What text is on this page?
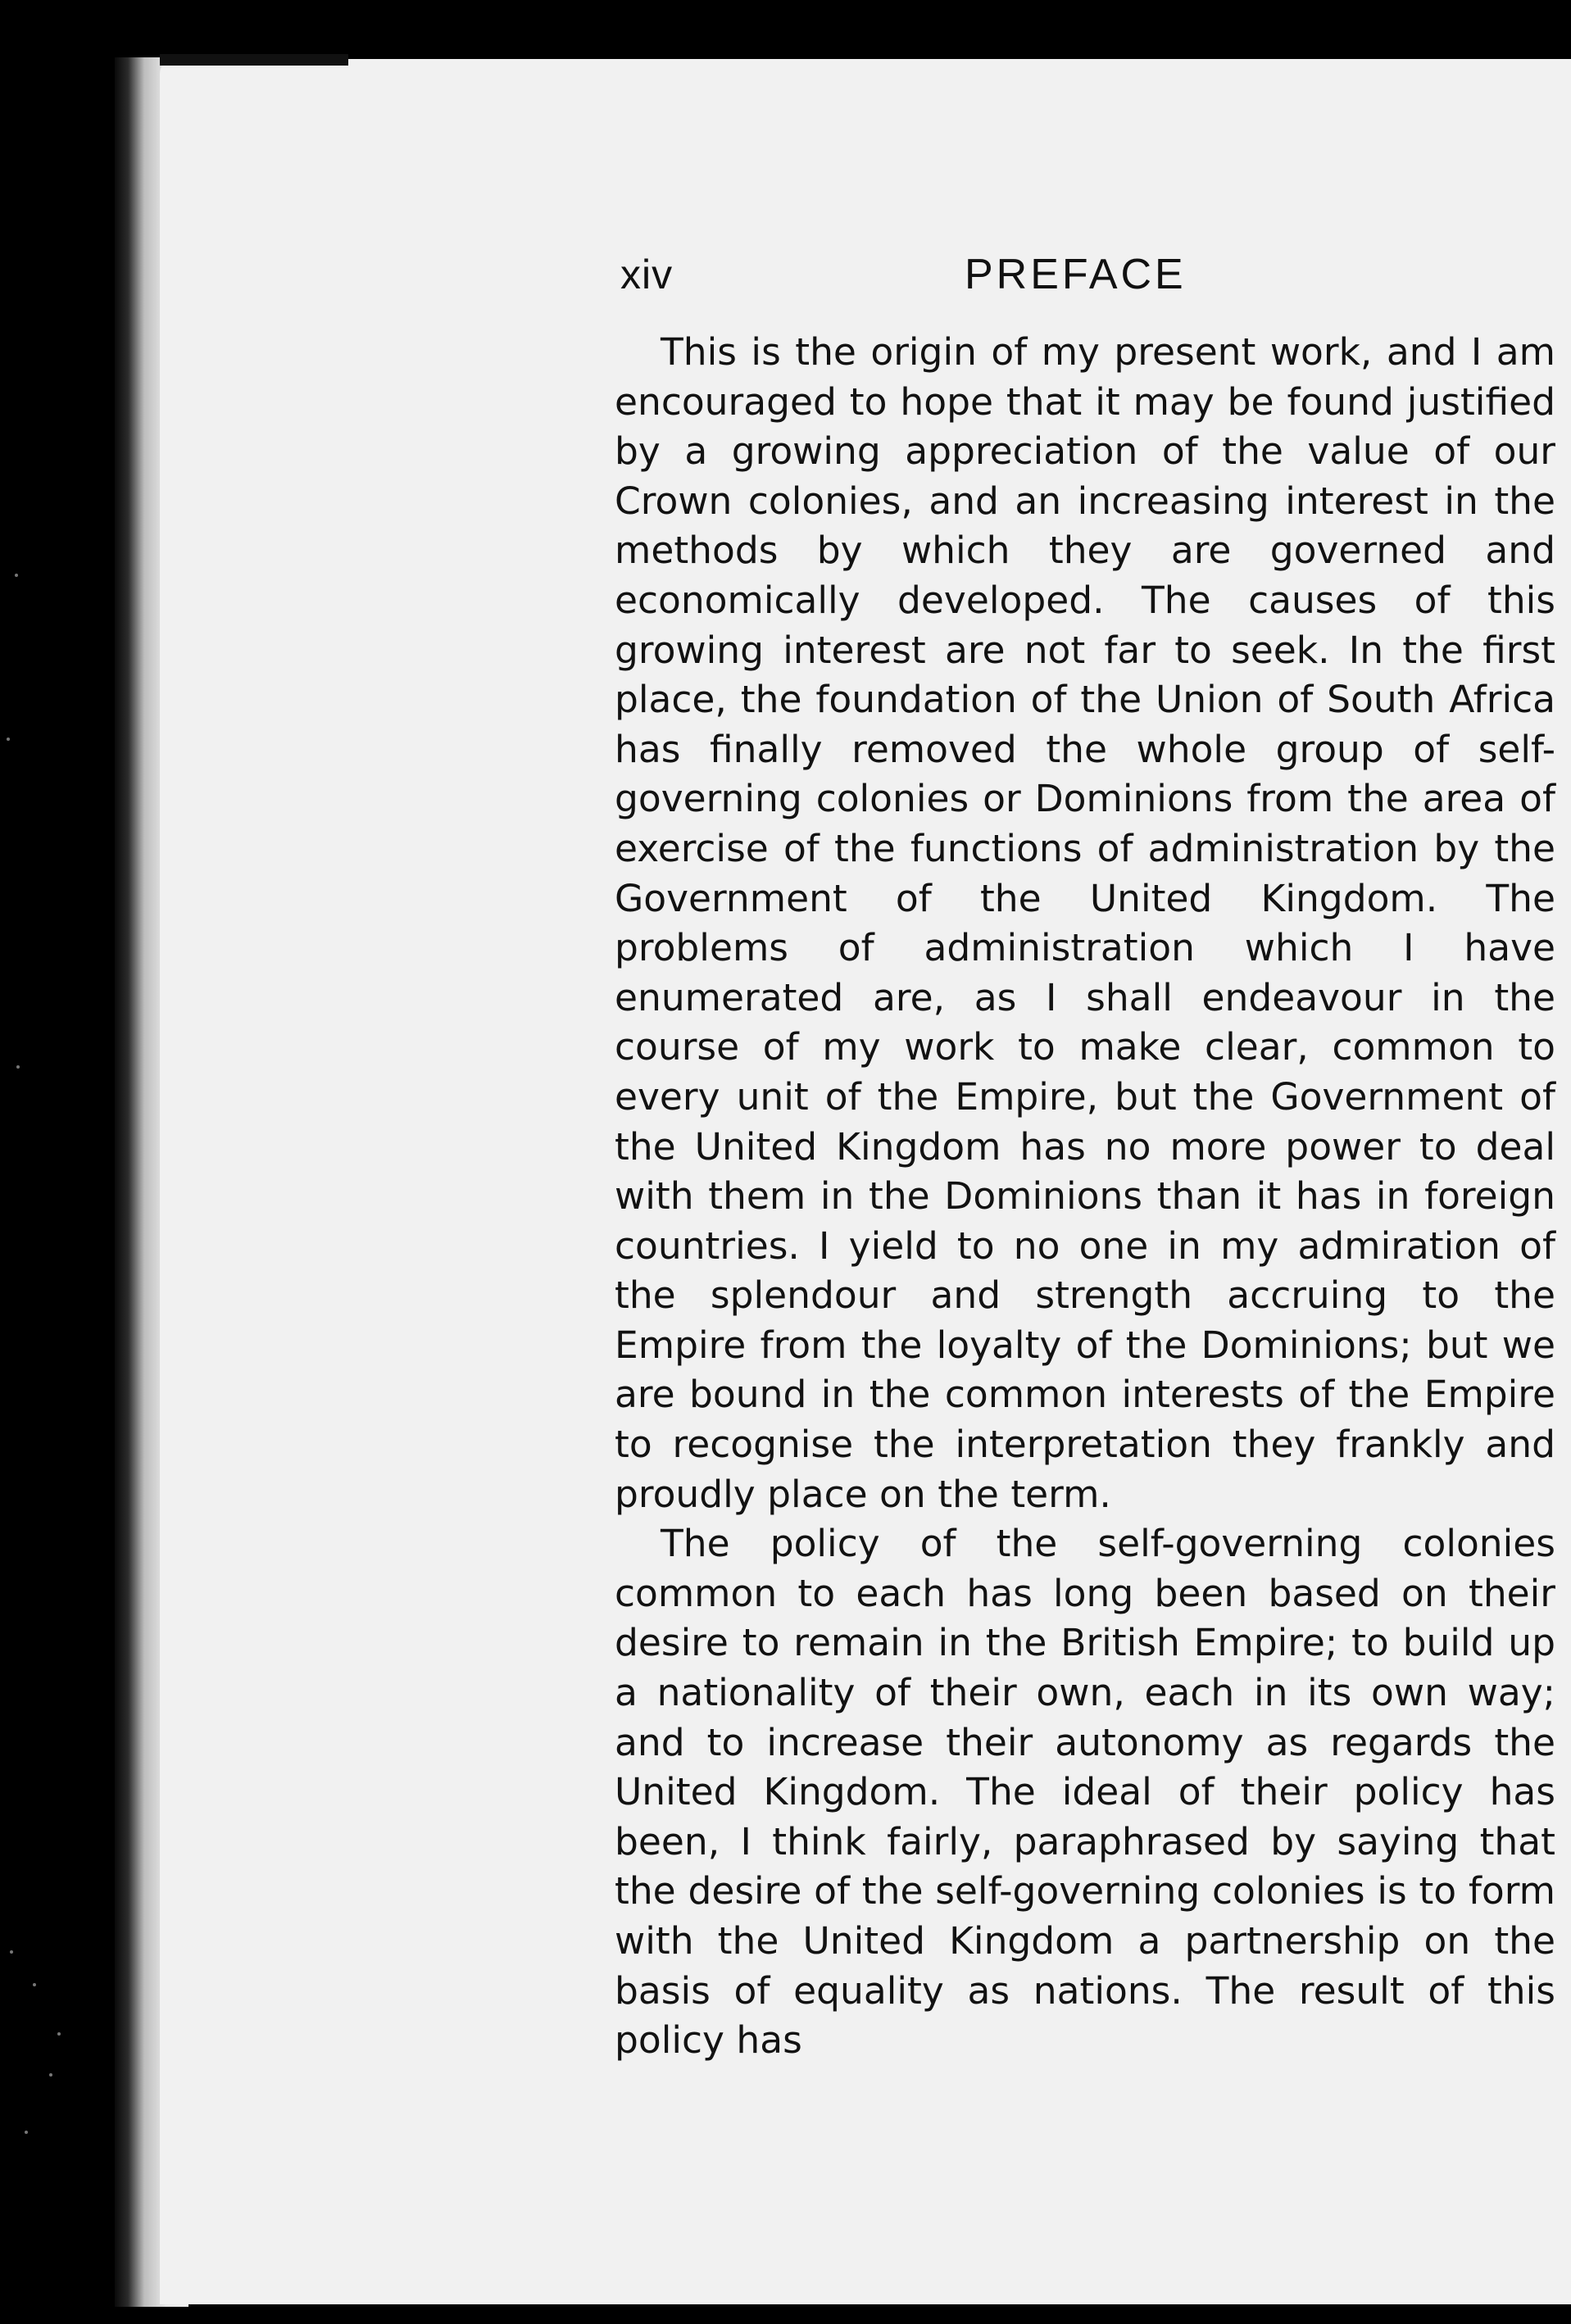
xiv	PREFACE

This is the origin of my present work, and I am encouraged to hope that it may be found justified by a growing appreciation of the value of our Crown colonies, and an increasing interest in the methods by which they are governed and economically developed. The causes of this growing interest are not far to seek. In the first place, the foundation of the Union of South Africa has finally removed the whole group of self-governing colonies or Dominions from the area of exercise of the functions of administration by the Government of the United Kingdom. The problems of administration which I have enumerated are, as I shall endeavour in the course of my work to make clear, common to every unit of the Empire, but the Government of the United Kingdom has no more power to deal with them in the Dominions than it has in foreign countries. I yield to no one in my admiration of the splendour and strength accruing to the Empire from the loyalty of the Dominions; but we are bound in the common interests of the Empire to recognise the interpretation they frankly and proudly place on the term.

The policy of the self-governing colonies common to each has long been based on their desire to remain in the British Empire; to build up a nationality of their own, each in its own way; and to increase their autonomy as regards the United Kingdom. The ideal of their policy has been, I think fairly, paraphrased by saying that the desire of the self-governing colonies is to form with the United Kingdom a partnership on the basis of equality as nations. The result of this policy has
